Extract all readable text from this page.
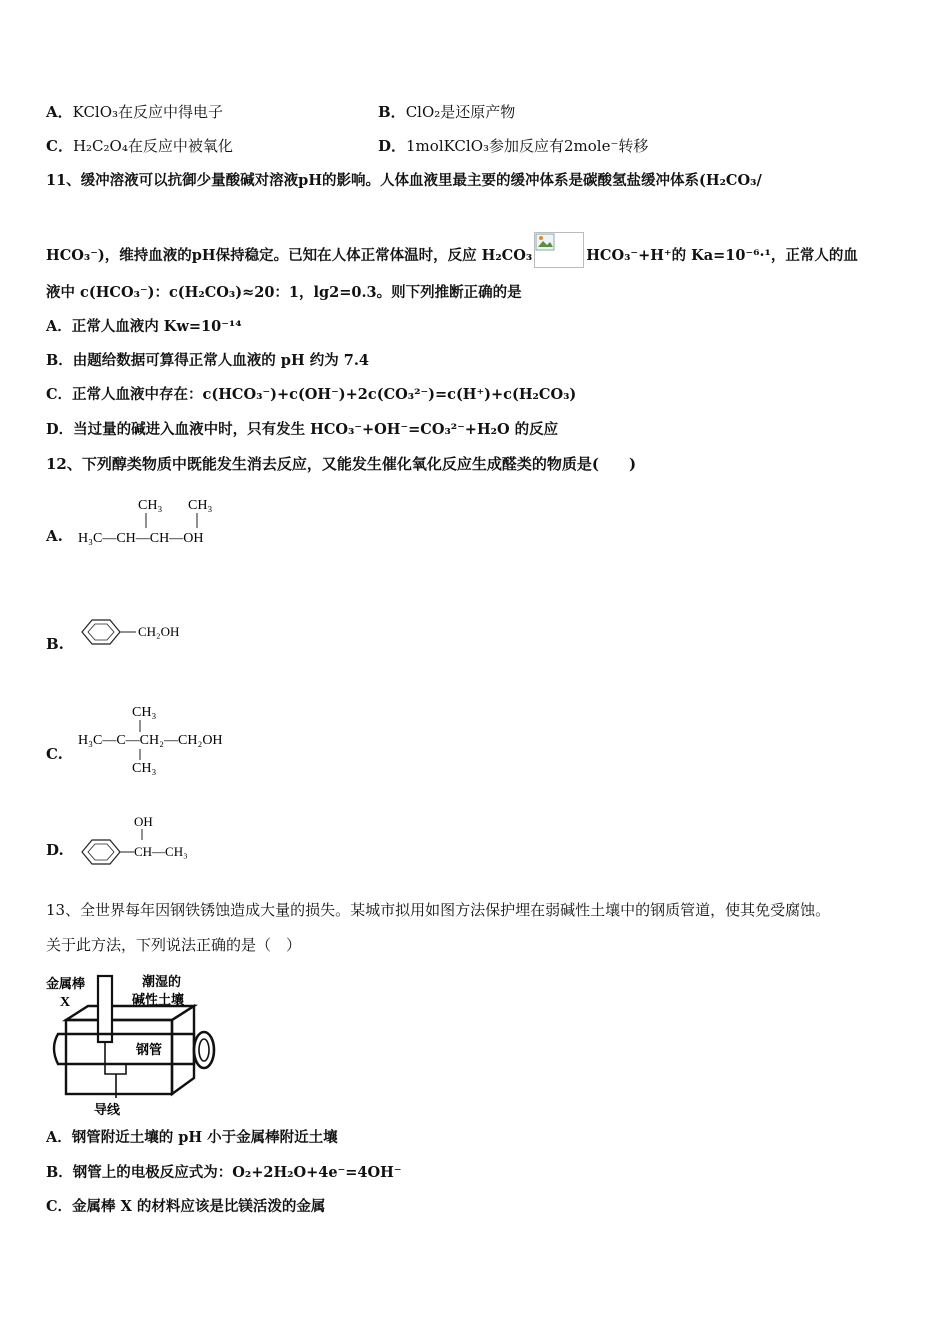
A．KClO₃在反应中得电子	B．ClO₂是还原产物
C．H₂C₂O₄在反应中被氧化	D．1molKClO₃参加反应有2mole⁻转移
11、缓冲溶液可以抗御少量酸碱对溶液pH的影响。人体血液里最主要的缓冲体系是碳酸氢盐缓冲体系(H₂CO₃/
HCO₃⁻)，维持血液的pH保持稳定。已知在人体正常体温时，反应 H₂CO₃	HCO₃⁻+H⁺的 Ka=10⁻⁶·¹，正常人的血
液中 c(HCO₃⁻)：c(H₂CO₃)≈20：1，lg2=0.3。则下列推断正确的是
A．正常人血液内 Kw=10⁻¹⁴
B．由题给数据可算得正常人血液的 pH 约为 7.4
C．正常人血液中存在：c(HCO₃⁻)+c(OH⁻)+2c(CO₃²⁻)=c(H⁺)+c(H₂CO₃)
D．当过量的碱进入血液中时，只有发生 HCO₃⁻+OH⁻=CO₃²⁻+H₂O 的反应
12、下列醇类物质中既能发生消去反应，又能发生催化氧化反应生成醛类的物质是(　　)
A.
CH₃ CH₃
H₃C—CH—CH—OH
B.
CH₂OH
C.
CH₃
H₃C—C—CH₂—CH₂OH
CH₃
D.
OH
CH—CH₃
13、全世界每年因钢铁锈蚀造成大量的损失。某城市拟用如图方法保护埋在弱碱性土壤中的钢质管道，使其免受腐蚀。
关于此方法，下列说法正确的是（　）
金属棒
X
潮湿的
碱性土壤
钢管
导线
A．钢管附近土壤的 pH 小于金属棒附近土壤
B．钢管上的电极反应式为：O₂+2H₂O+4e⁻=4OH⁻
C．金属棒 X 的材料应该是比镁活泼的金属
